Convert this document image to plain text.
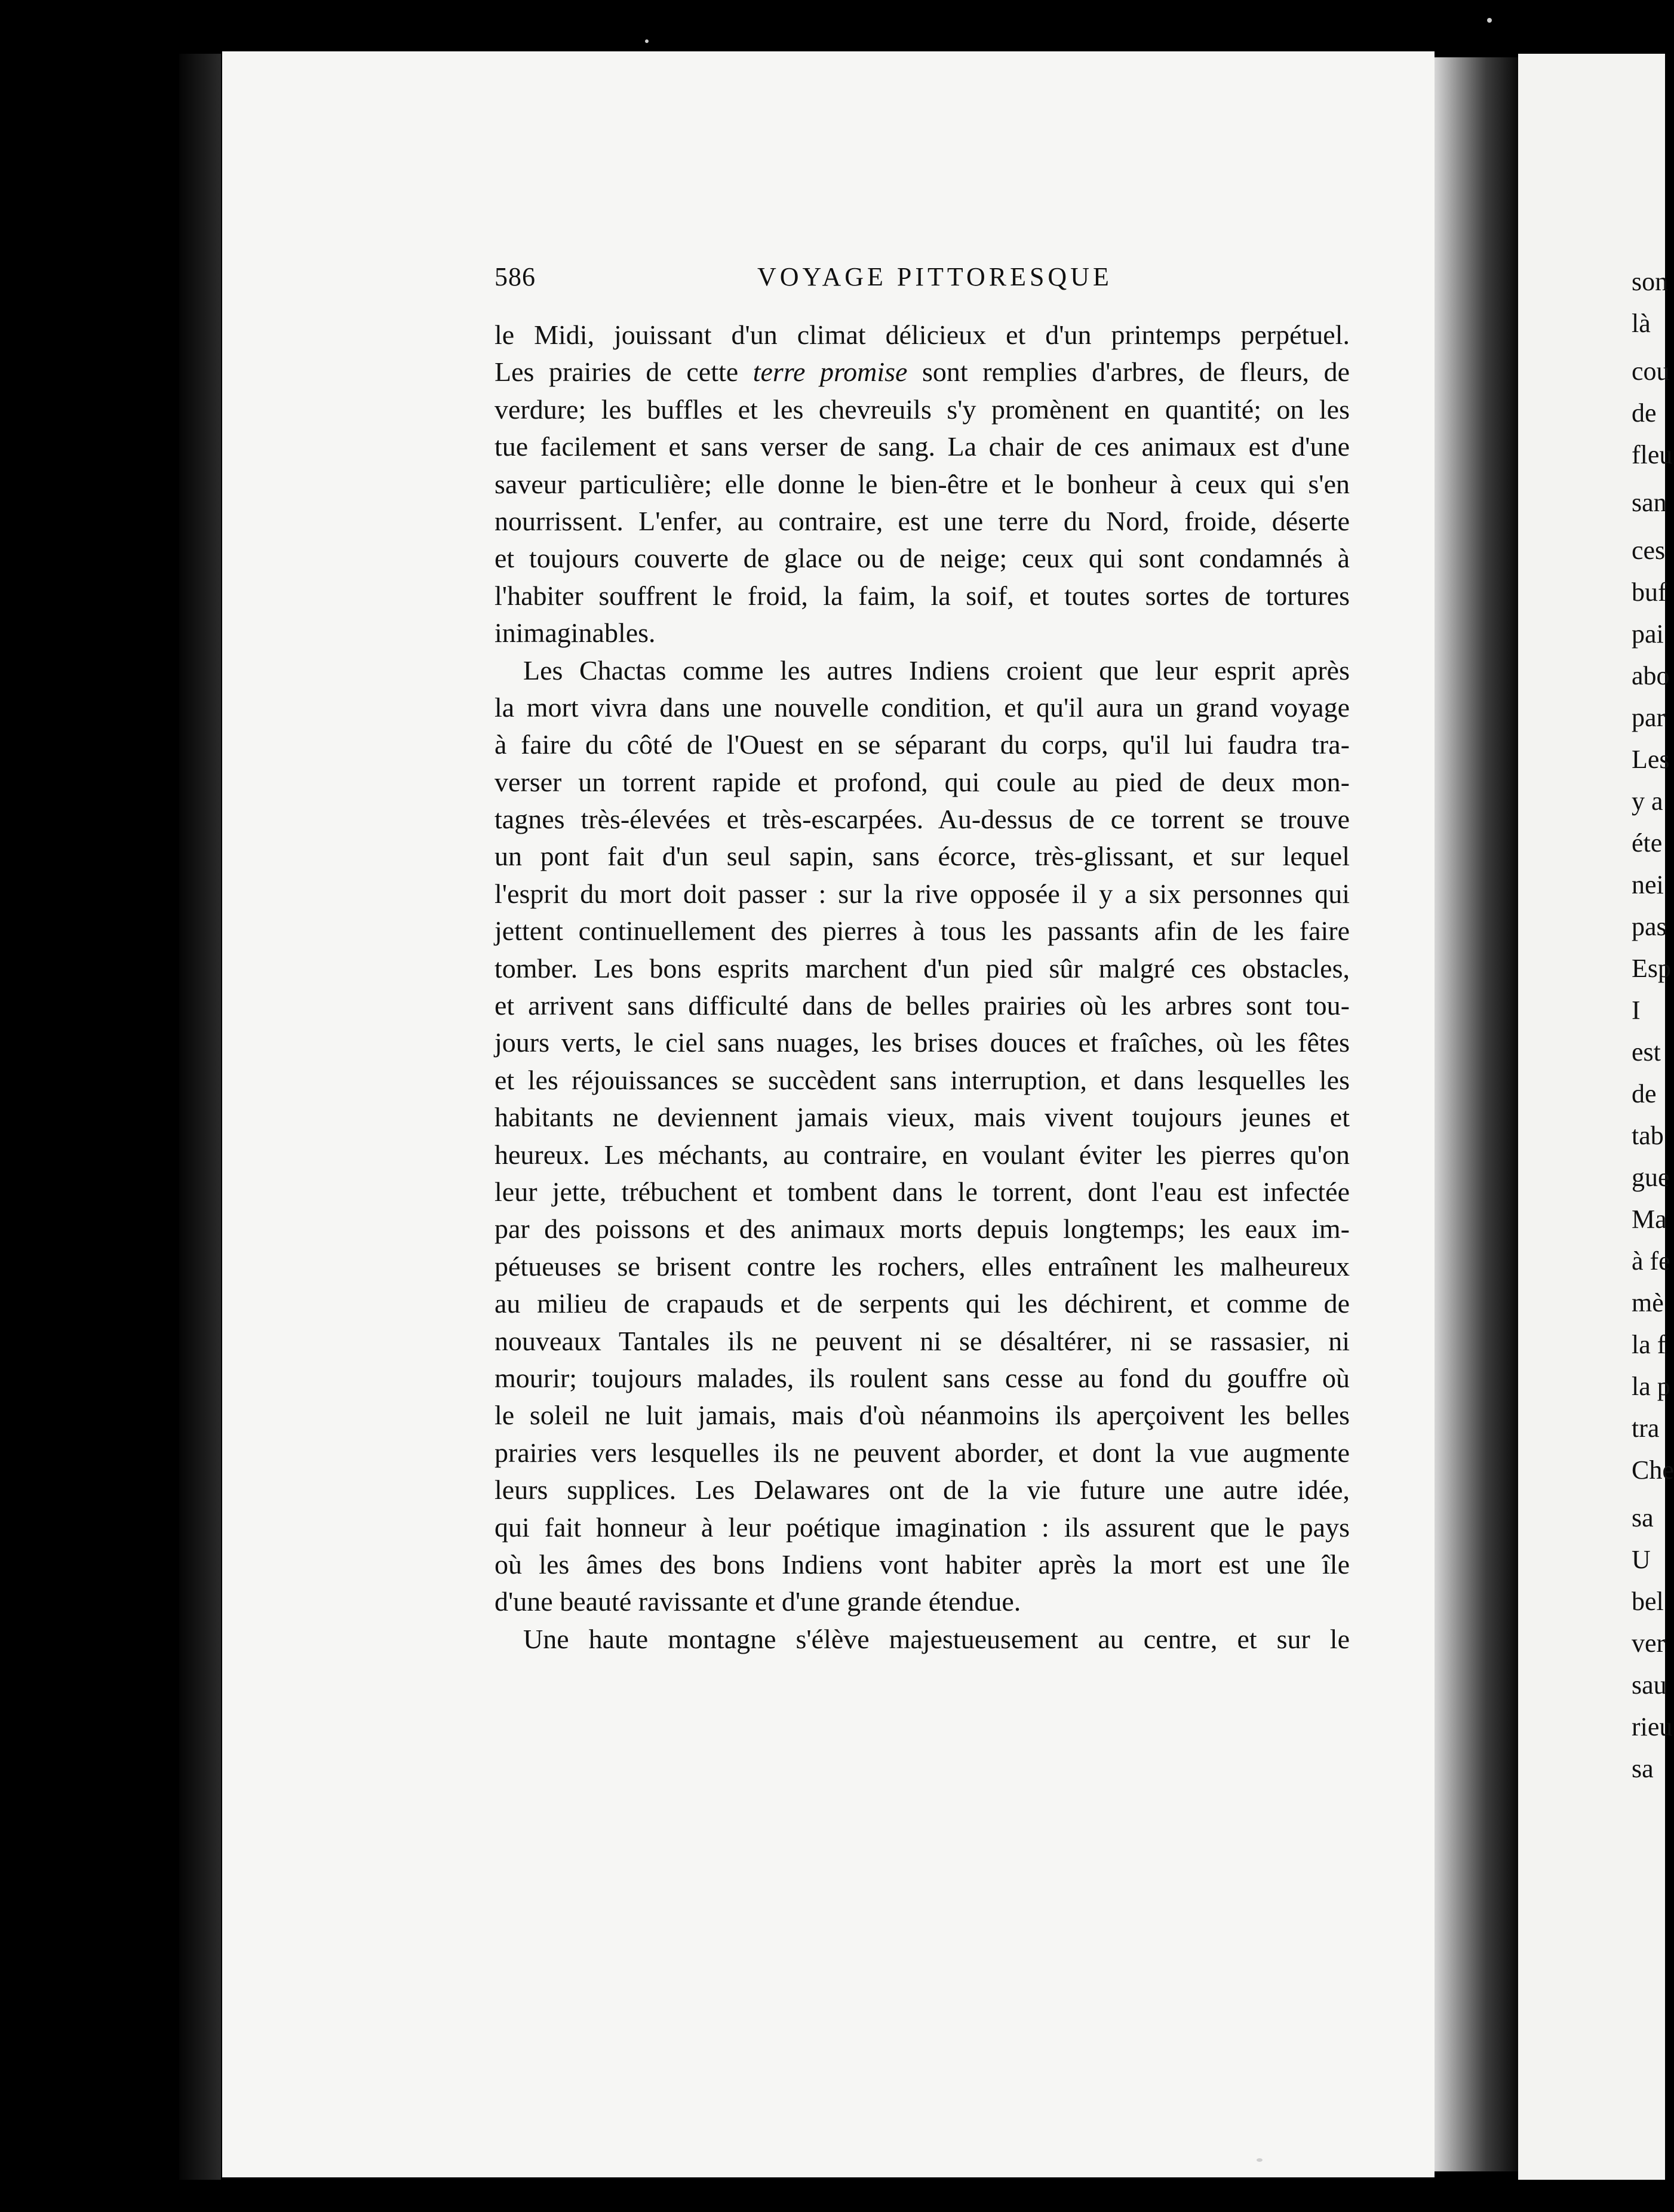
son
là
cou
de
fleu
san
ces
buf
pai
abo
par
Les
y a
éte
nei
pas
Esp
I
est
de
tab
gue
Ma
à fe
mè
la f
la p
tra
Che
sa
U
bel
ver
sau
rieu
sa
586	VOYAGE PITTORESQUE
le Midi, jouissant d'un climat délicieux et d'un printemps perpétuel.
Les prairies de cette terre promise sont remplies d'arbres, de fleurs, de
verdure; les buffles et les chevreuils s'y promènent en quantité; on les
tue facilement et sans verser de sang. La chair de ces animaux est d'une
saveur particulière; elle donne le bien-être et le bonheur à ceux qui s'en
nourrissent. L'enfer, au contraire, est une terre du Nord, froide, déserte
et toujours couverte de glace ou de neige; ceux qui sont condamnés à
l'habiter souffrent le froid, la faim, la soif, et toutes sortes de tortures
inimaginables.
Les Chactas comme les autres Indiens croient que leur esprit après
la mort vivra dans une nouvelle condition, et qu'il aura un grand voyage
à faire du côté de l'Ouest en se séparant du corps, qu'il lui faudra tra-
verser un torrent rapide et profond, qui coule au pied de deux mon-
tagnes très-élevées et très-escarpées. Au-dessus de ce torrent se trouve
un pont fait d'un seul sapin, sans écorce, très-glissant, et sur lequel
l'esprit du mort doit passer : sur la rive opposée il y a six personnes qui
jettent continuellement des pierres à tous les passants afin de les faire
tomber. Les bons esprits marchent d'un pied sûr malgré ces obstacles,
et arrivent sans difficulté dans de belles prairies où les arbres sont tou-
jours verts, le ciel sans nuages, les brises douces et fraîches, où les fêtes
et les réjouissances se succèdent sans interruption, et dans lesquelles les
habitants ne deviennent jamais vieux, mais vivent toujours jeunes et
heureux. Les méchants, au contraire, en voulant éviter les pierres qu'on
leur jette, trébuchent et tombent dans le torrent, dont l'eau est infectée
par des poissons et des animaux morts depuis longtemps; les eaux im-
pétueuses se brisent contre les rochers, elles entraînent les malheureux
au milieu de crapauds et de serpents qui les déchirent, et comme de
nouveaux Tantales ils ne peuvent ni se désaltérer, ni se rassasier, ni
mourir; toujours malades, ils roulent sans cesse au fond du gouffre où
le soleil ne luit jamais, mais d'où néanmoins ils aperçoivent les belles
prairies vers lesquelles ils ne peuvent aborder, et dont la vue augmente
leurs supplices. Les Delawares ont de la vie future une autre idée,
qui fait honneur à leur poétique imagination : ils assurent que le pays
où les âmes des bons Indiens vont habiter après la mort est une île
d'une beauté ravissante et d'une grande étendue.
Une haute montagne s'élève majestueusement au centre, et sur le
